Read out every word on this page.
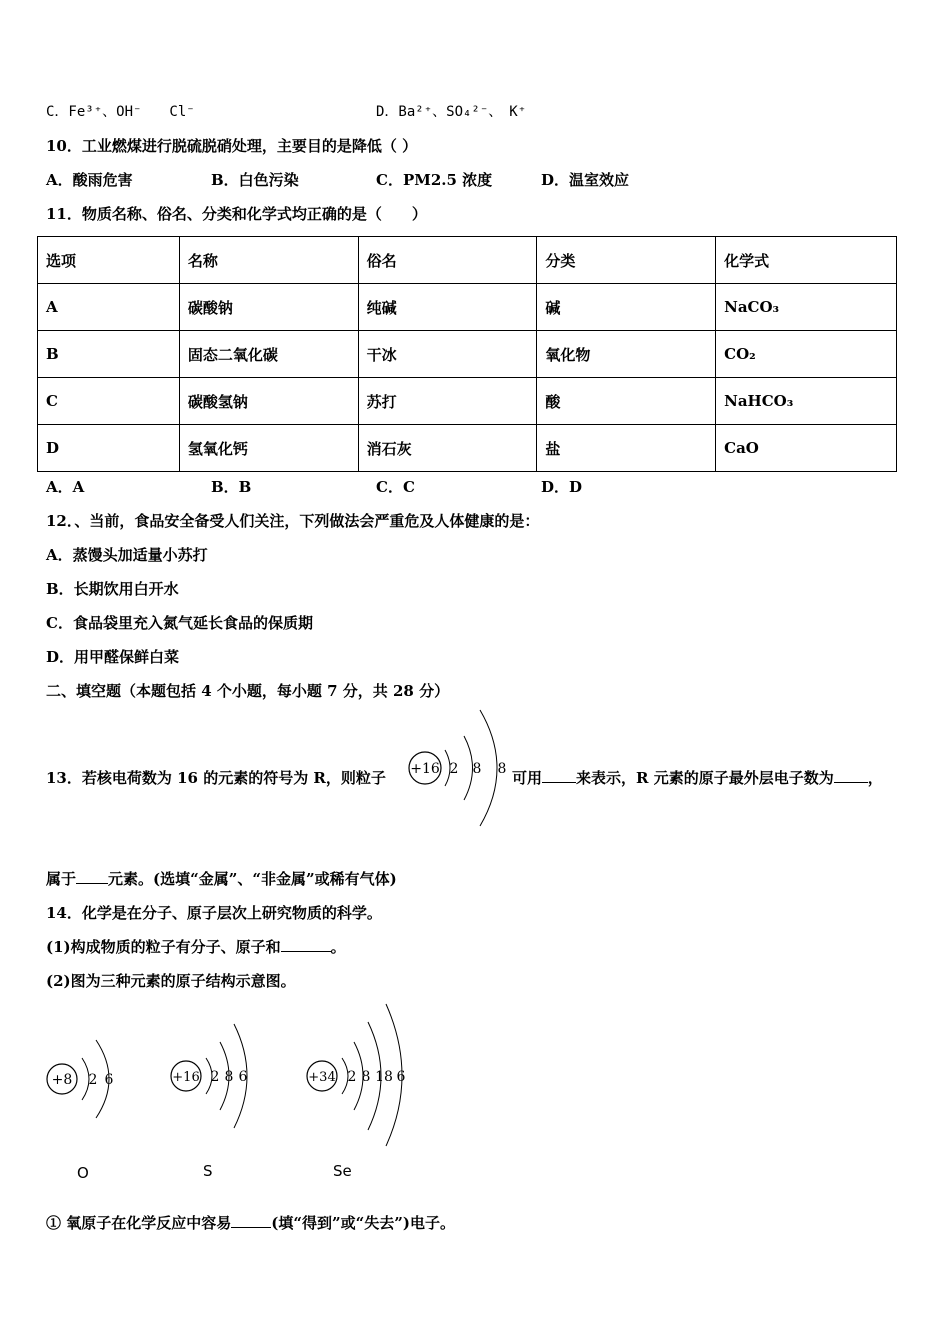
C．Fe³⁺、OH⁻　　Cl⁻	D．Ba²⁺、SO₄²⁻、　K⁺
10．工业燃煤进行脱硫脱硝处理，主要目的是降低（ ）
A．酸雨危害	B．白色污染	C．PM2.5 浓度	D．温室效应
11．物质名称、俗名、分类和化学式均正确的是（　　）
选项	名称	俗名	分类	化学式
A	碳酸钠	纯碱	碱	NaCO₃
B	固态二氧化碳	干冰	氧化物	CO₂
C	碳酸氢钠	苏打	酸	NaHCO₃
D	氢氧化钙	消石灰	盐	CaO
A．A	B．B	C．C	D．D
12．、当前，食品安全备受人们关注，下列做法会严重危及人体健康的是：
A．蒸馒头加适量小苏打
B．长期饮用白开水
C．食品袋里充入氮气延长食品的保质期
D．用甲醛保鲜白菜
二、填空题（本题包括 4 个小题，每小题 7 分，共 28 分）
13．若核电荷数为 16 的元素的符号为 R，则粒子 +16 2 8 8 可用 来表示，R 元素的原子最外层电子数为 ，
属于 元素。(选填“金属”、“非金属”或稀有气体)
14．化学是在分子、原子层次上研究物质的科学。
(1)构成物质的粒子有分子、原子和	。
(2)图为三种元素的原子结构示意图。
+8 2 6
O
+16 2 8 6
S
+34 2 8 18 6
Se
① 氧原子在化学反应中容易	(填“得到”或“失去”)电子。
